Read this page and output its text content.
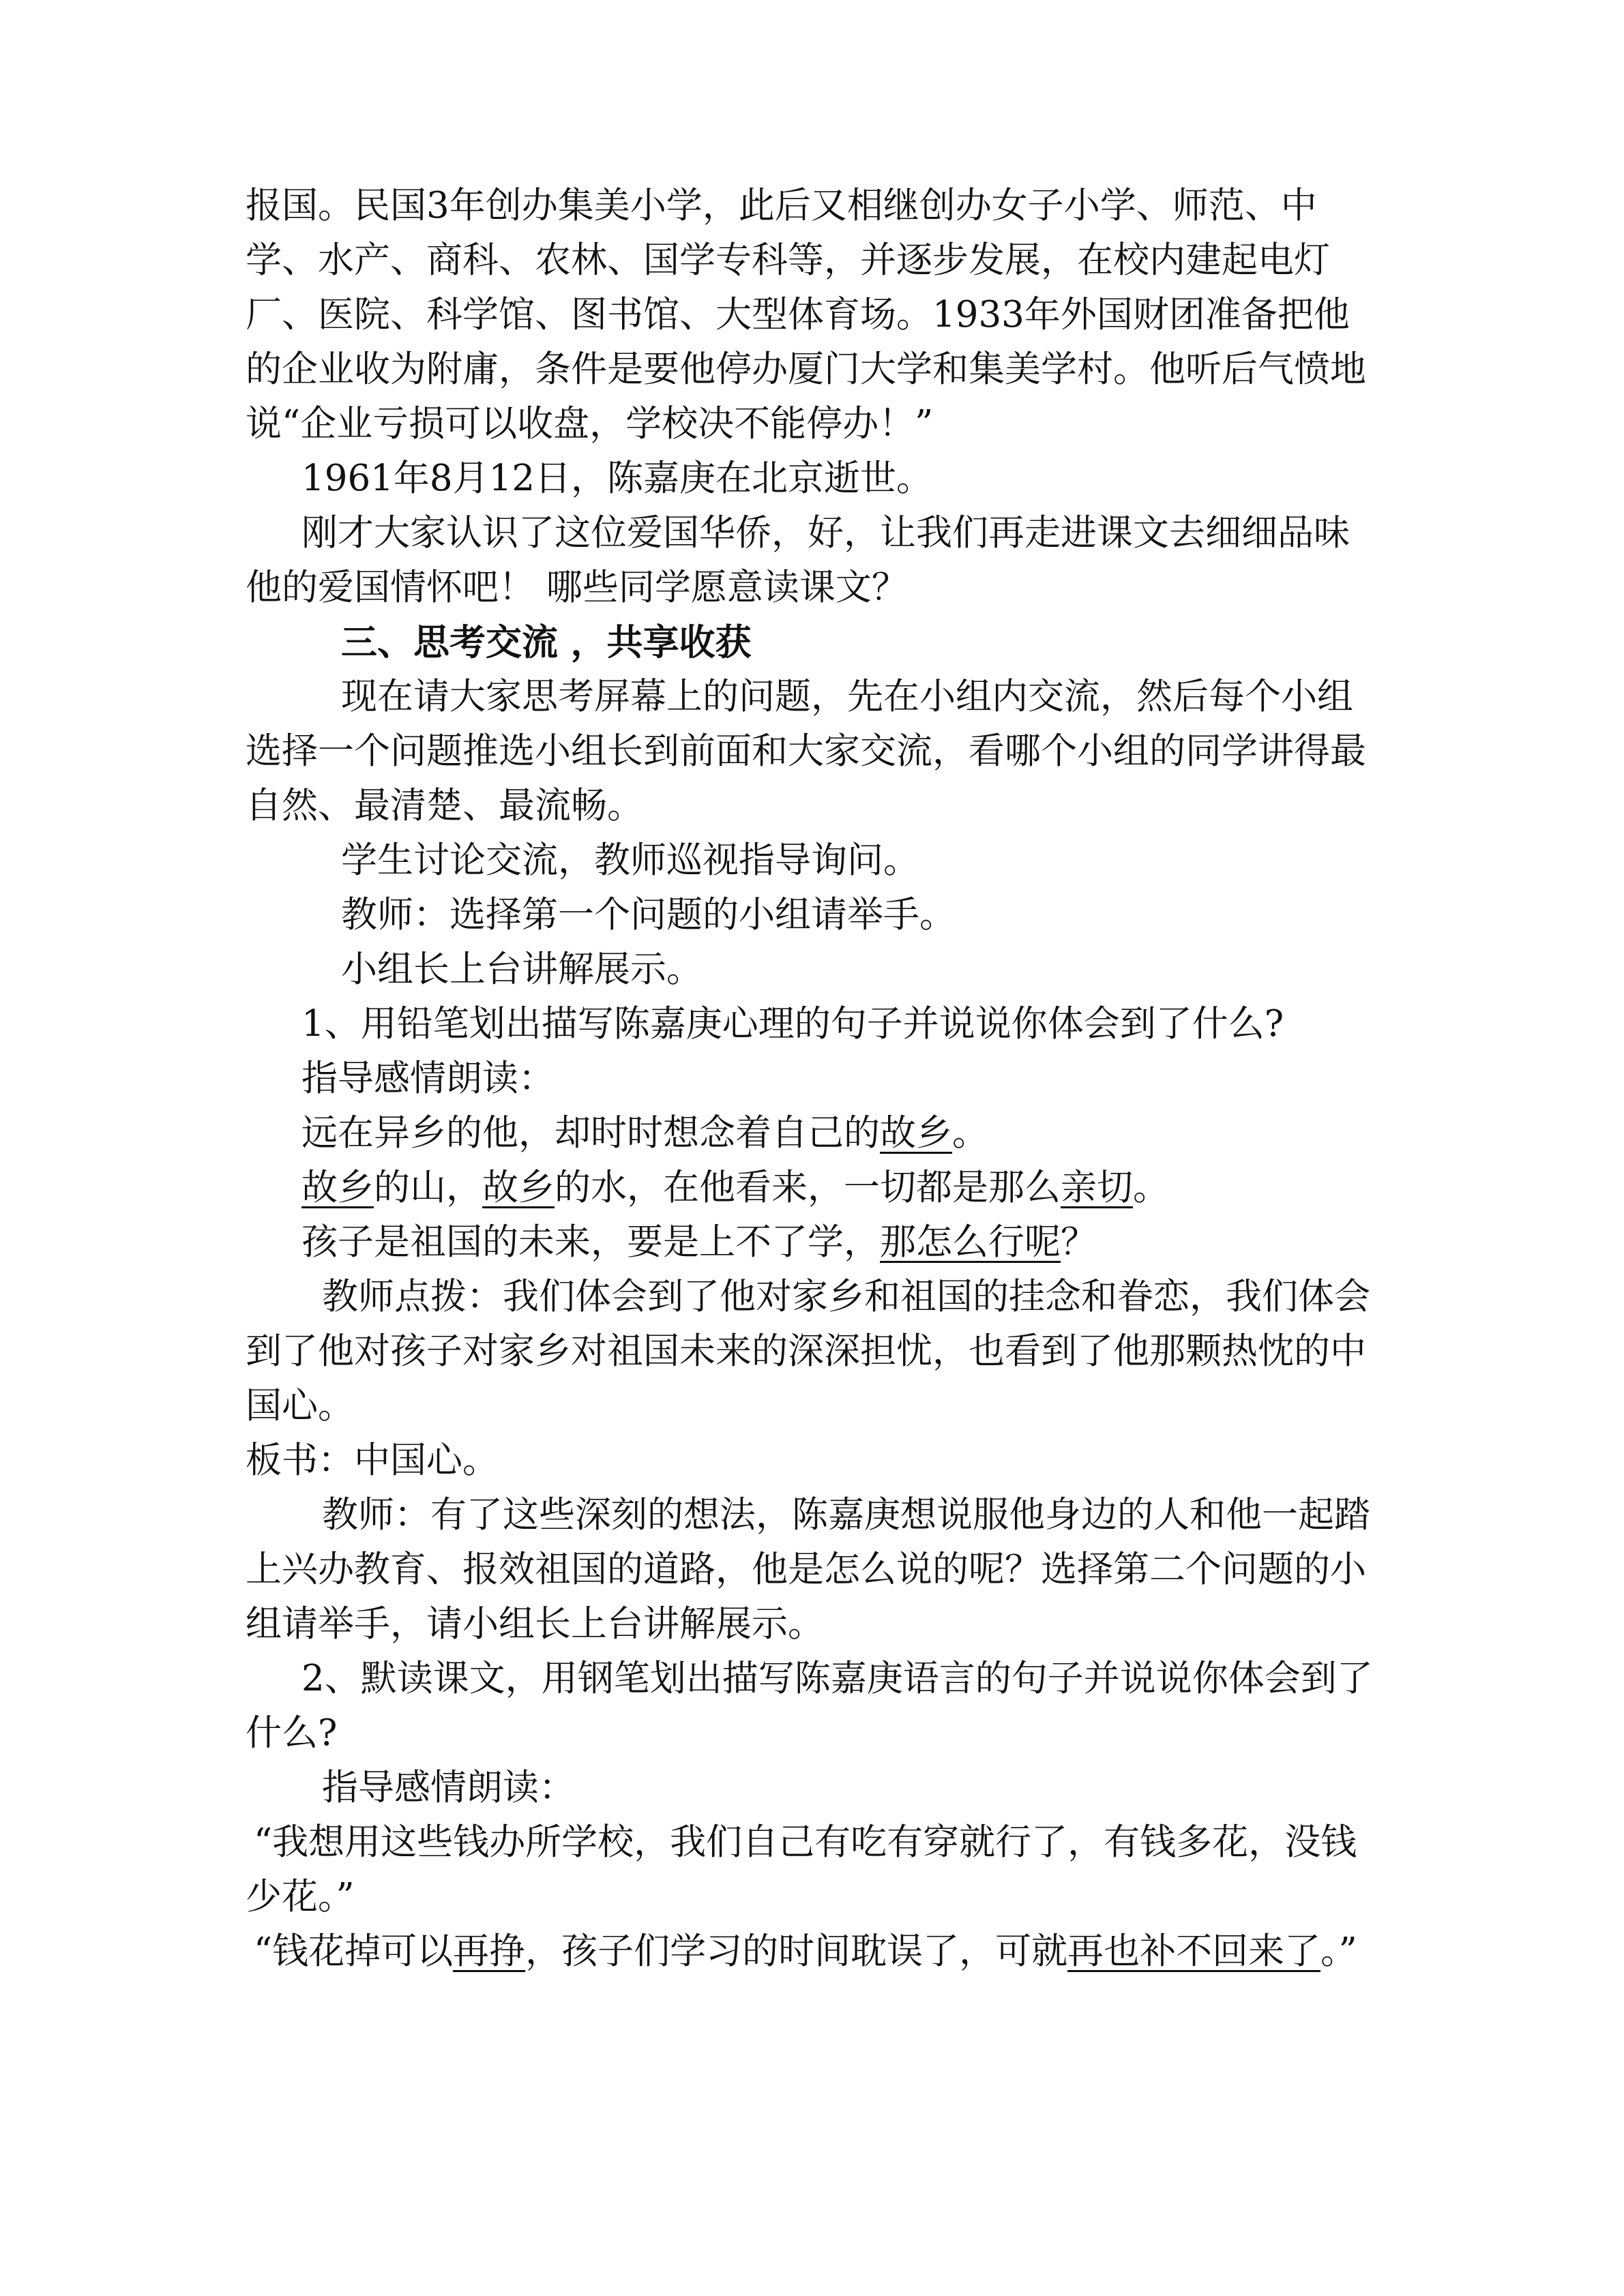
报国。民国3年创办集美小学，此后又相继创办女子小学、师范、中学、水产、商科、农林、国学专科等，并逐步发展，在校内建起电灯厂、医院、科学馆、图书馆、大型体育场。1933年外国财团准备把他的企业收为附庸，条件是要他停办厦门大学和集美学村。他听后气愤地说“企业亏损可以收盘，学校决不能停办！”

1961年8月12日，陈嘉庚在北京逝世。

刚才大家认识了这位爱国华侨，好，让我们再走进课文去细细品味他的爱国情怀吧！ 哪些同学愿意读课文？

三、思考交流 ，共享收获

现在请大家思考屏幕上的问题，先在小组内交流，然后每个小组选择一个问题推选小组长到前面和大家交流，看哪个小组的同学讲得最自然、最清楚、最流畅。

学生讨论交流，教师巡视指导询问。

教师：选择第一个问题的小组请举手。

小组长上台讲解展示。

1、用铅笔划出描写陈嘉庚心理的句子并说说你体会到了什么?

指导感情朗读：

远在异乡的他，却时时想念着自己的故乡。

故乡的山，故乡的水，在他看来，一切都是那么亲切。

孩子是祖国的未来，要是上不了学，那怎么行呢？

教师点拨：我们体会到了他对家乡和祖国的挂念和眷恋，我们体会到了他对孩子对家乡对祖国未来的深深担忧，也看到了他那颗热忱的中国心。

板书：中国心。

教师：有了这些深刻的想法，陈嘉庚想说服他身边的人和他一起踏上兴办教育、报效祖国的道路，他是怎么说的呢？选择第二个问题的小组请举手，请小组长上台讲解展示。

2、默读课文，用钢笔划出描写陈嘉庚语言的句子并说说你体会到了什么?

指导感情朗读：

“我想用这些钱办所学校，我们自己有吃有穿就行了，有钱多花，没钱少花。”

“钱花掉可以再挣，孩子们学习的时间耽误了，可就再也补不回来了。”
